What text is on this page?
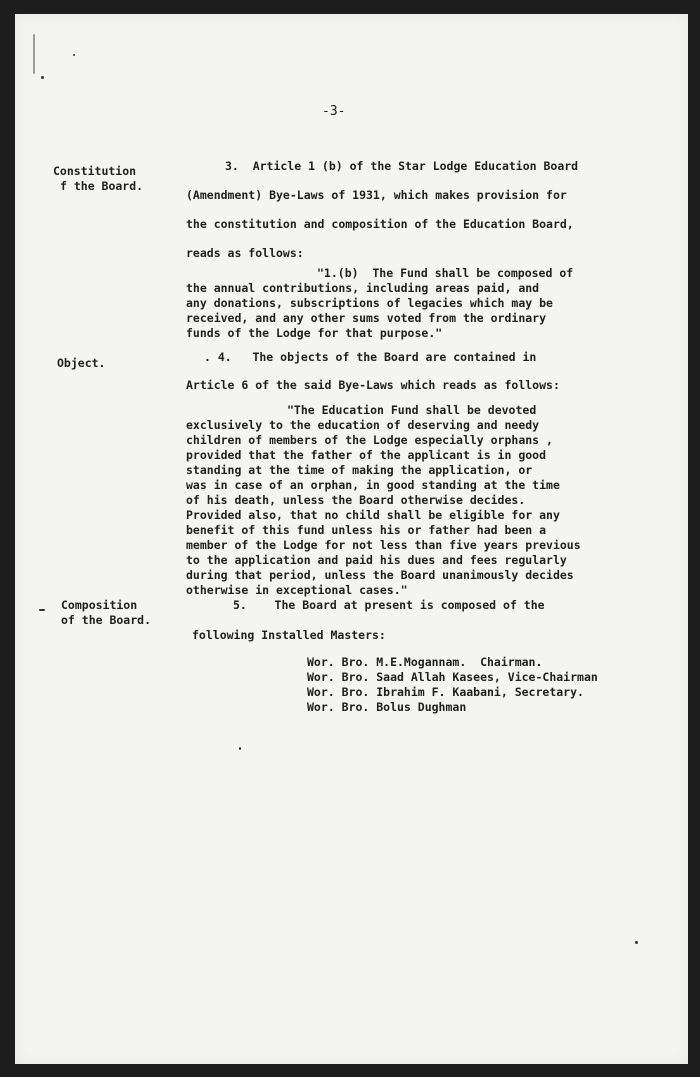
-3-
Constitution
f the Board.
3.  Article 1 (b) of the Star Lodge Education Board
(Amendment) Bye-Laws of 1931, which makes provision for
the constitution and composition of the Education Board,
reads as follows:
"1.(b)  The Fund shall be composed of
the annual contributions, including areas paid, and
any donations, subscriptions of legacies which may be
received, and any other sums voted from the ordinary
funds of the Lodge for that purpose."
Object.	. 4.   The objects of the Board are contained in
Article 6 of the said Bye-Laws which reads as follows:
"The Education Fund shall be devoted
exclusively to the education of deserving and needy
children of members of the Lodge especially orphans ,
provided that the father of the applicant is in good
standing at the time of making the application, or
was in case of an orphan, in good standing at the time
of his death, unless the Board otherwise decides.
Provided also, that no child shall be eligible for any
benefit of this fund unless his or father had been a
member of the Lodge for not less than five years previous
to the application and paid his dues and fees regularly
during that period, unless the Board unanimously decides
otherwise in exceptional cases."
Composition
of the Board.
5.    The Board at present is composed of the
following Installed Masters:
Wor. Bro. M.E.Mogannam.  Chairman.
Wor. Bro. Saad Allah Kasees, Vice-Chairman
Wor. Bro. Ibrahim F. Kaabani, Secretary.
Wor. Bro. Bolus Dughman
